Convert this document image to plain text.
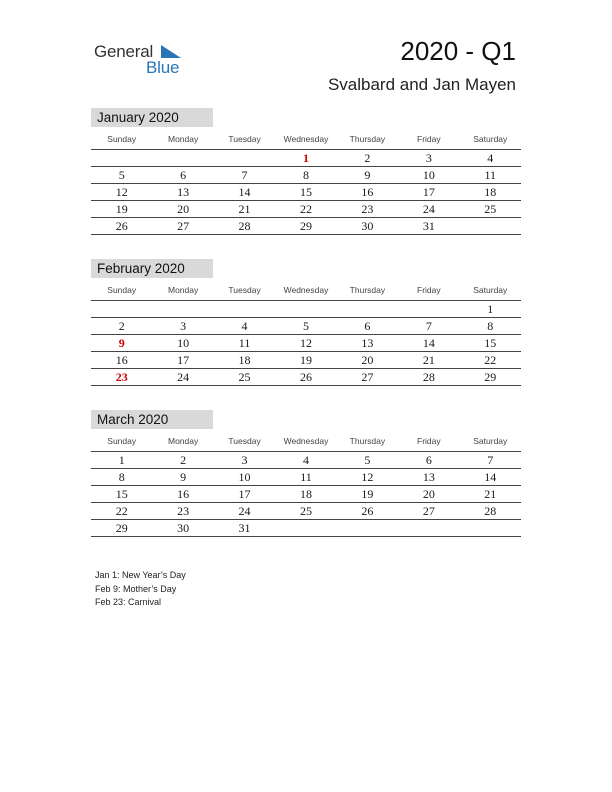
General
Blue
2020 - Q1
Svalbard and Jan Mayen
January 2020
Sunday	Monday	Tuesday	Wednesday	Thursday	Friday	Saturday
			1	2	3	4
5	6	7	8	9	10	11
12	13	14	15	16	17	18
19	20	21	22	23	24	25
26	27	28	29	30	31	
February 2020
Sunday	Monday	Tuesday	Wednesday	Thursday	Friday	Saturday
						1
2	3	4	5	6	7	8
9	10	11	12	13	14	15
16	17	18	19	20	21	22
23	24	25	26	27	28	29
March 2020
Sunday	Monday	Tuesday	Wednesday	Thursday	Friday	Saturday
1	2	3	4	5	6	7
8	9	10	11	12	13	14
15	16	17	18	19	20	21
22	23	24	25	26	27	28
29	30	31				
Jan 1: New Year’s Day
Feb 9: Mother’s Day
Feb 23: Carnival
